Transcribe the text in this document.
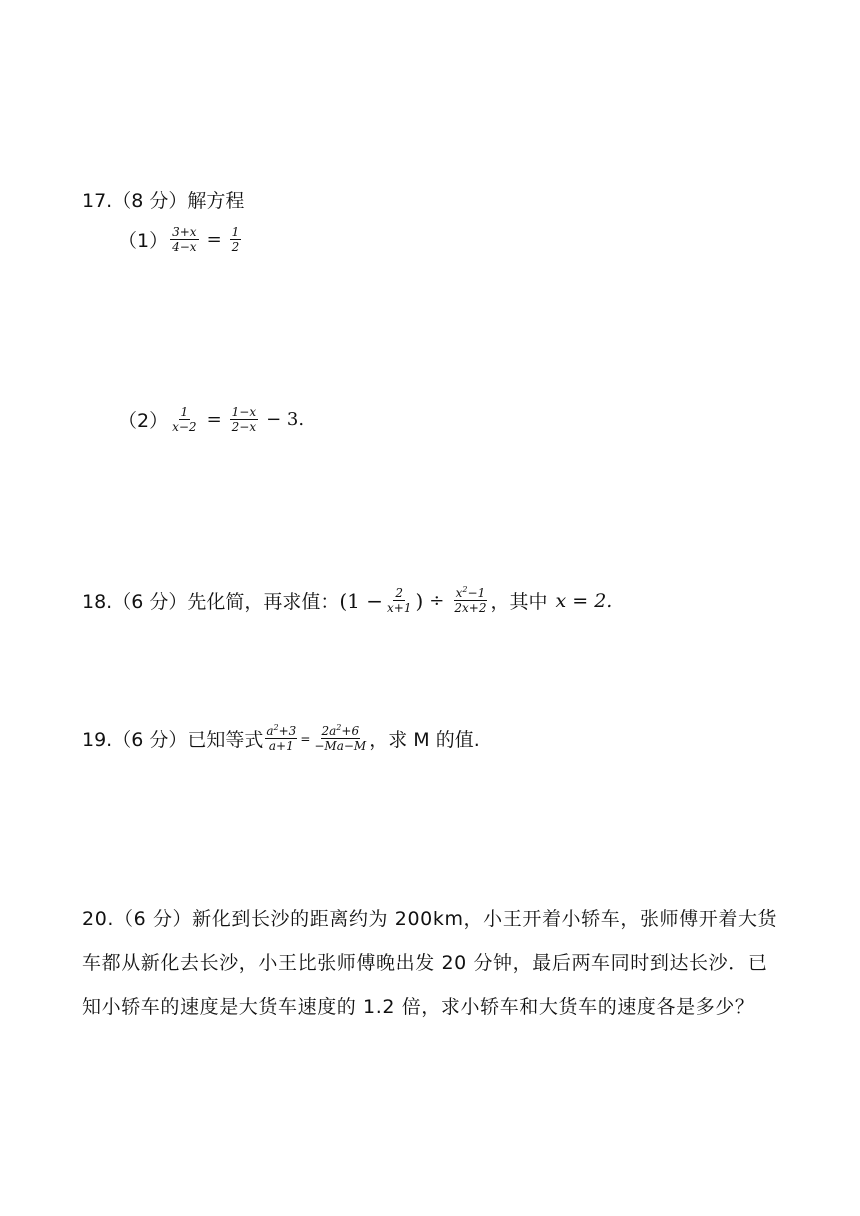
17.（8 分）解方程
$(1) \frac{3+x}{4-x} = \frac{1}{2}$
$(2) \frac{1}{x-2} = \frac{1-x}{2-x} - 3$.
18.（6 分）先化简，再求值： ($1 - \frac{2}{x+1}$ ) ÷ $\frac{x^2-1}{2x+2}$ ，其中 x = 2.
19.（6 分）已知等式 $\frac{a^2+3}{a+1} = \frac{2a^2+6}{-Ma-M}$ ，求 M 的值.
20.（6 分）新化到长沙的距离约为 200km，小王开着小轿车，张师傅开着大货车都从新化去长沙，小王比张师傅晚出发 20 分钟，最后两车同时到达长沙．已知小轿车的速度是大货车速度的 1.2 倍，求小轿车和大货车的速度各是多少？
